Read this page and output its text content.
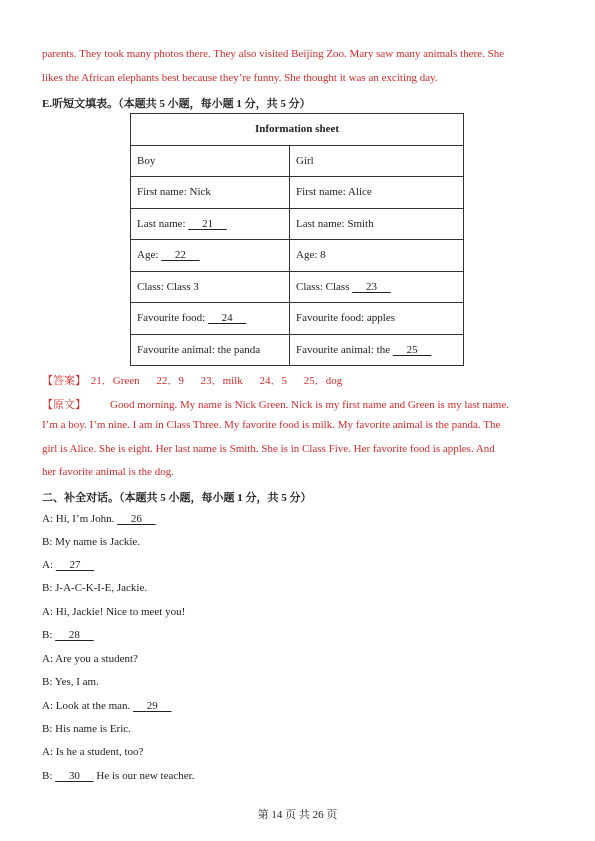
parents. They took many photos there. They also visited Beijing Zoo. Mary saw many animals there. She
likes the African elephants best because they’re funny. She thought it was an exciting day.
E.听短文填表。（本题共 5 小题，每小题 1 分，共 5 分）
Information sheet	
Boy	Girl
First name: Nick	First name: Alice
Last name: 21	Last name: Smith
Age: 22	Age: 8
Class: Class 3	Class: Class 23
Favourite food: 24	Favourite food: apples
Favourite animal: the panda	Favourite animal: the 25
【答案】 21．Green 22．9 23．milk 24．5 25．dog
【原文】 Good morning. My name is Nick Green. Nick is my first name and Green is my last name.
I’m a boy. I’m nine. I am in Class Three. My favorite food is milk. My favorite animal is the panda. The
girl is Alice. She is eight. Her last name is Smith. She is in Class Five. Her favorite food is apples. And
her favorite animal is the dog.
二、补全对话。（本题共 5 小题，每小题 1 分，共 5 分）
A: Hi, I’m John. 26
B: My name is Jackie.
A: 27
B: J-A-C-K-I-E, Jackie.
A: Hi, Jackie! Nice to meet you!
B: 28
A: Are you a student?
B: Yes, I am.
A: Look at the man. 29
B: His name is Eric.
A: Is he a student, too?
B: 30 He is our new teacher.
第 14 页 共 26 页
